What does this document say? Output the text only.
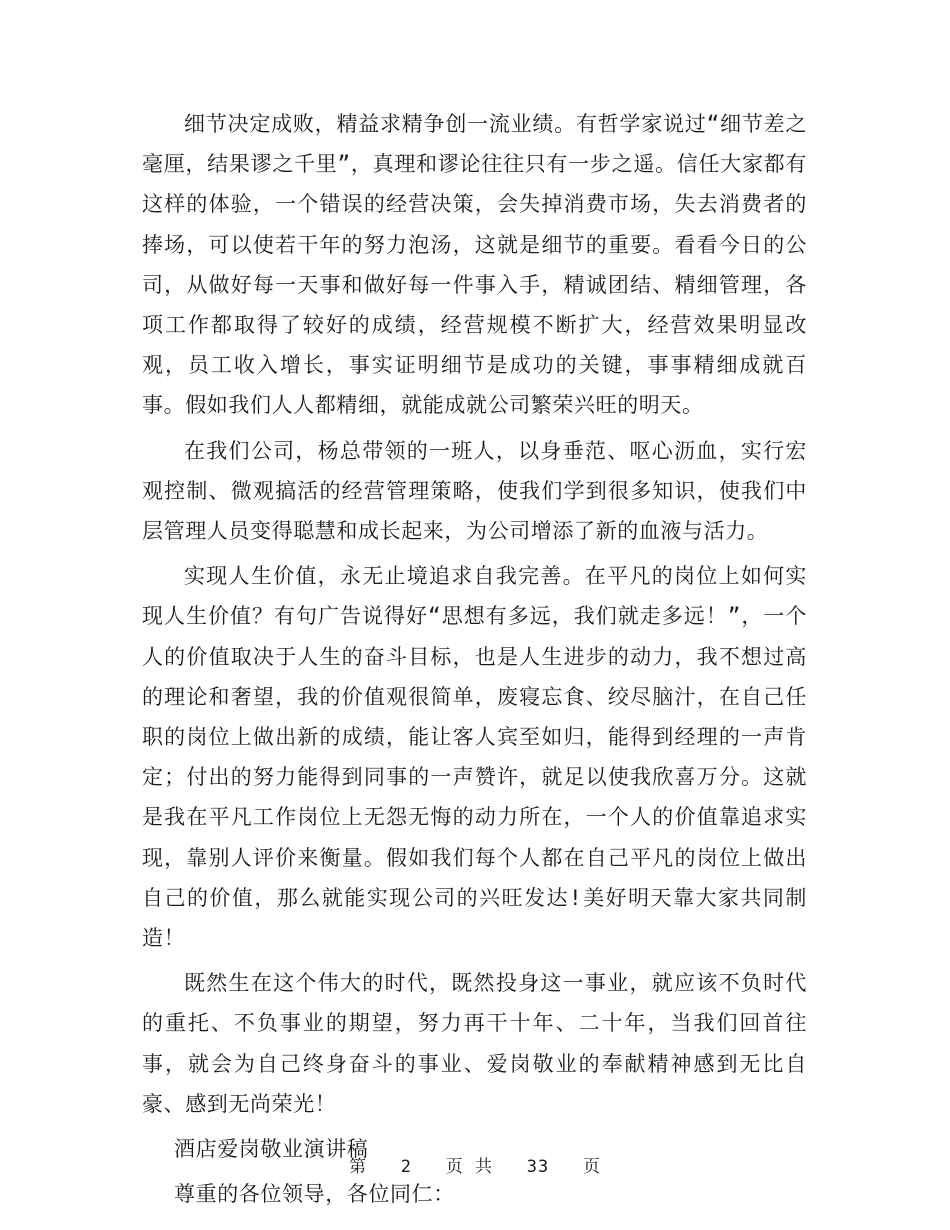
细节决定成败，精益求精争创一流业绩。有哲学家说过“细节差之毫厘，结果谬之千里”，真理和谬论往往只有一步之遥。信任大家都有这样的体验，一个错误的经营决策，会失掉消费市场，失去消费者的捧场，可以使若干年的努力泡汤，这就是细节的重要。看看今日的公司，从做好每一天事和做好每一件事入手，精诚团结、精细管理，各项工作都取得了较好的成绩，经营规模不断扩大，经营效果明显改观，员工收入增长，事实证明细节是成功的关键，事事精细成就百事。假如我们人人都精细，就能成就公司繁荣兴旺的明天。

在我们公司，杨总带领的一班人，以身垂范、呕心沥血，实行宏观控制、微观搞活的经营管理策略，使我们学到很多知识，使我们中层管理人员变得聪慧和成长起来，为公司增添了新的血液与活力。

实现人生价值，永无止境追求自我完善。在平凡的岗位上如何实现人生价值？有句广告说得好“思想有多远，我们就走多远！”，一个人的价值取决于人生的奋斗目标，也是人生进步的动力，我不想过高的理论和奢望，我的价值观很简单，废寝忘食、绞尽脑汁，在自己任职的岗位上做出新的成绩，能让客人宾至如归，能得到经理的一声肯定；付出的努力能得到同事的一声赞许，就足以使我欣喜万分。这就是我在平凡工作岗位上无怨无悔的动力所在，一个人的价值靠追求实现，靠别人评价来衡量。假如我们每个人都在自己平凡的岗位上做出自己的价值，那么就能实现公司的兴旺发达!美好明天靠大家共同制造！

既然生在这个伟大的时代，既然投身这一事业，就应该不负时代的重托、不负事业的期望，努力再干十年、二十年，当我们回首往事，就会为自己终身奋斗的事业、爱岗敬业的奉献精神感到无比自豪、感到无尚荣光！

酒店爱岗敬业演讲稿

尊重的各位领导，各位同仁：

第 2 页 共 33 页
